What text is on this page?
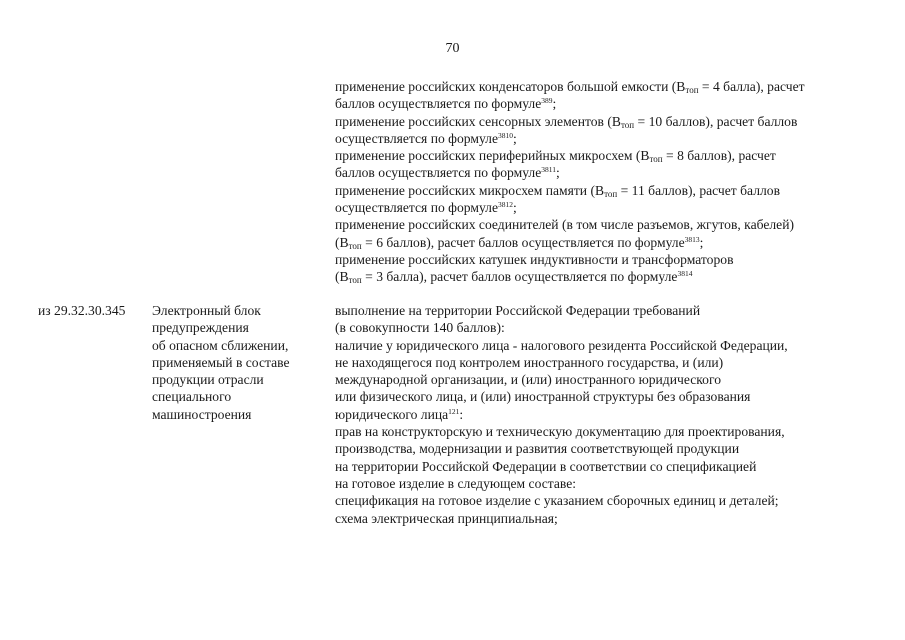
70
применение российских конденсаторов большой емкости ($В_{топ} = 4$ балла), расчет
баллов осуществляется по формуле$^{389}$;
применение российских сенсорных элементов ($В_{топ} = 10$ баллов), расчет баллов
осуществляется по формуле$^{3810}$;
применение российских периферийных микросхем ($В_{топ} = 8$ баллов), расчет
баллов осуществляется по формуле$^{3811}$;
применение российских микросхем памяти ($В_{топ} = 11$ баллов), расчет баллов
осуществляется по формуле$^{3812}$;
применение российских соединителей (в том числе разъемов, жгутов, кабелей)
($В_{топ} = 6$ баллов), расчет баллов осуществляется по формуле$^{3813}$;
применение российских катушек индуктивности и трансформаторов
($В_{топ} = 3$ балла), расчет баллов осуществляется по формуле$^{3814}$
из 29.32.30.345	Электронный блок
предупреждения
об опасном сближении,
применяемый в составе
продукции отрасли
специального
машиностроения
выполнение на территории Российской Федерации требований
(в совокупности 140 баллов):
наличие у юридического лица - налогового резидента Российской Федерации,
не находящегося под контролем иностранного государства, и (или)
международной организации, и (или) иностранного юридического
или физического лица, и (или) иностранной структуры без образования
юридического лица$^{121}$:
прав на конструкторскую и техническую документацию для проектирования,
производства, модернизации и развития соответствующей продукции
на территории Российской Федерации в соответствии со спецификацией
на готовое изделие в следующем составе:
спецификация на готовое изделие с указанием сборочных единиц и деталей;
схема электрическая принципиальная;
